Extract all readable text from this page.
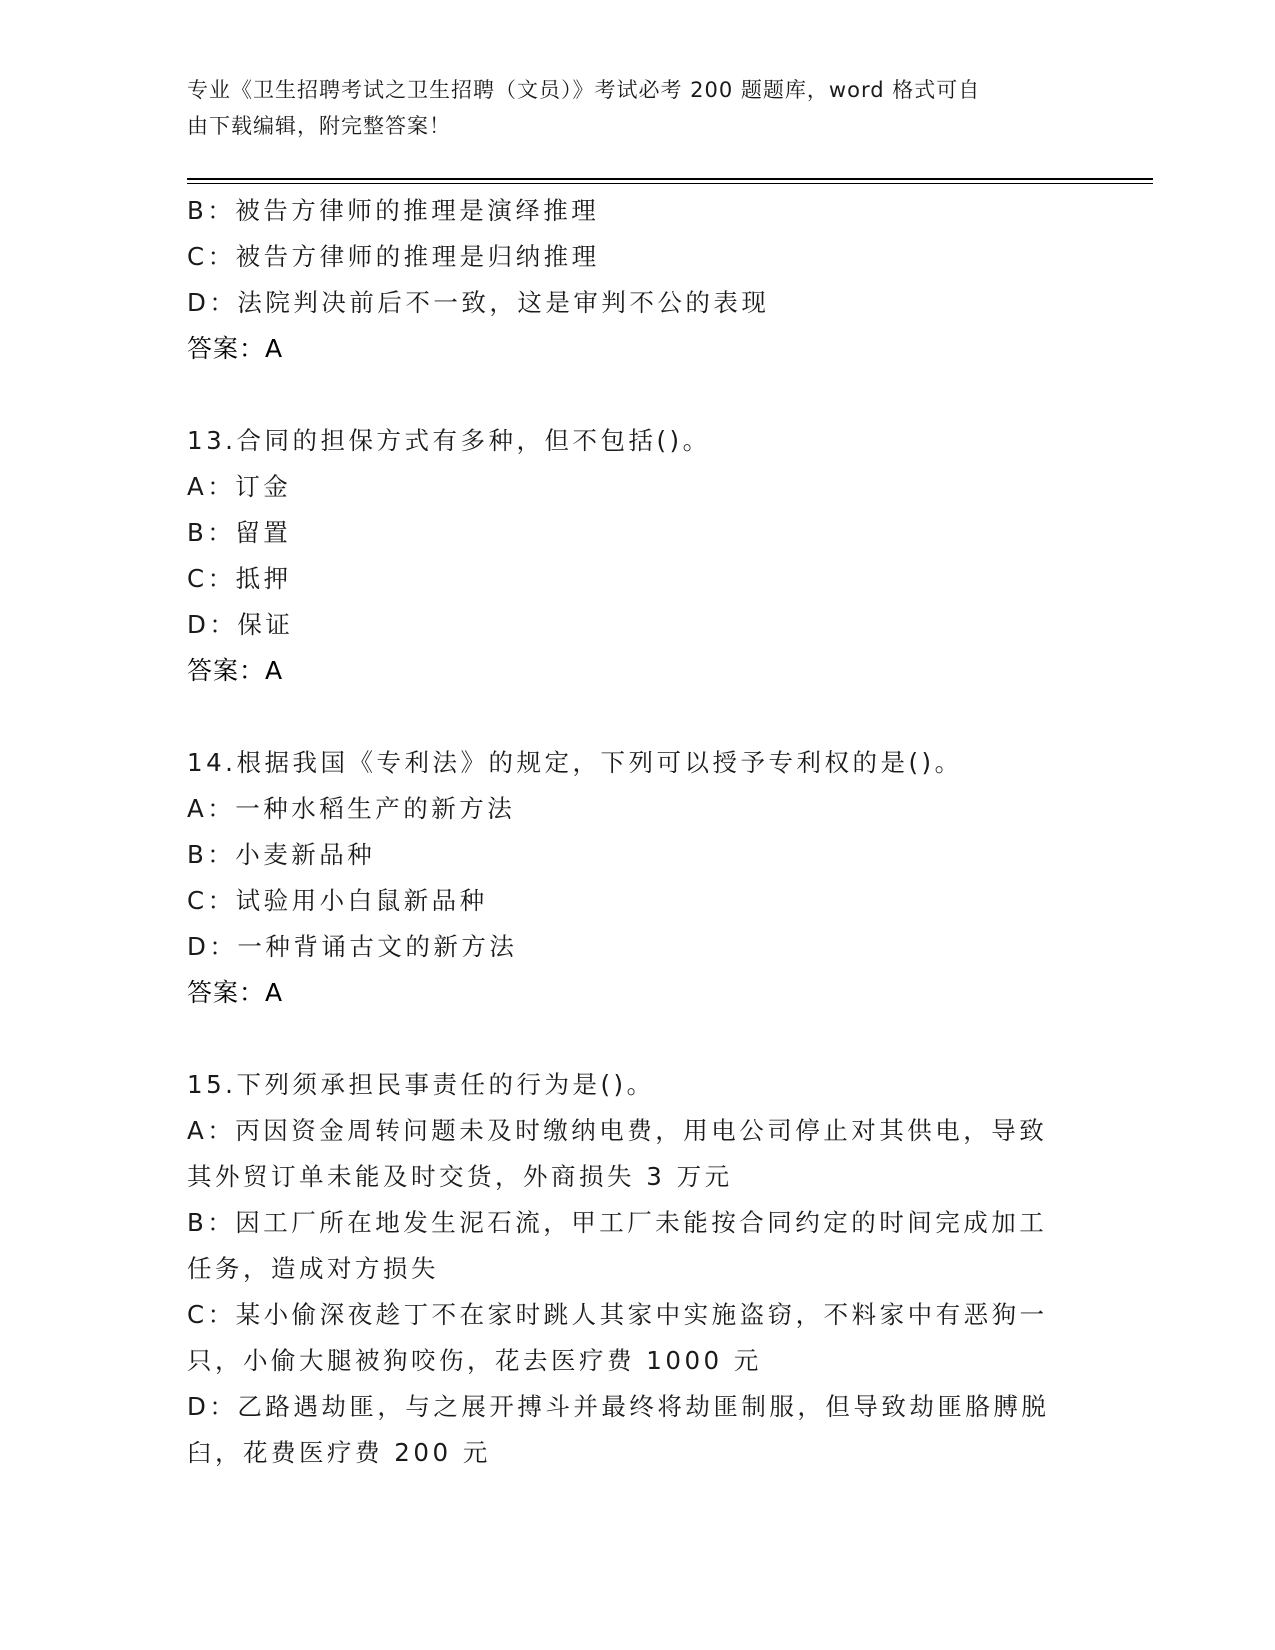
专业《卫生招聘考试之卫生招聘（文员）》考试必考 200 题题库，word 格式可自
由下载编辑，附完整答案！
B：被告方律师的推理是演绎推理
C：被告方律师的推理是归纳推理
D：法院判决前后不一致，这是审判不公的表现
答案：A
13.合同的担保方式有多种，但不包括()。
A：订金
B：留置
C：抵押
D：保证
答案：A
14.根据我国《专利法》的规定，下列可以授予专利权的是()。
A：一种水稻生产的新方法
B：小麦新品种
C：试验用小白鼠新品种
D：一种背诵古文的新方法
答案：A
15.下列须承担民事责任的行为是()。
A：丙因资金周转问题未及时缴纳电费，用电公司停止对其供电，导致
其外贸订单未能及时交货，外商损失 3 万元
B：因工厂所在地发生泥石流，甲工厂未能按合同约定的时间完成加工
任务，造成对方损失
C：某小偷深夜趁丁不在家时跳人其家中实施盗窃，不料家中有恶狗一
只，小偷大腿被狗咬伤，花去医疗费 1000 元
D：乙路遇劫匪，与之展开搏斗并最终将劫匪制服，但导致劫匪胳膊脱
臼，花费医疗费 200 元
